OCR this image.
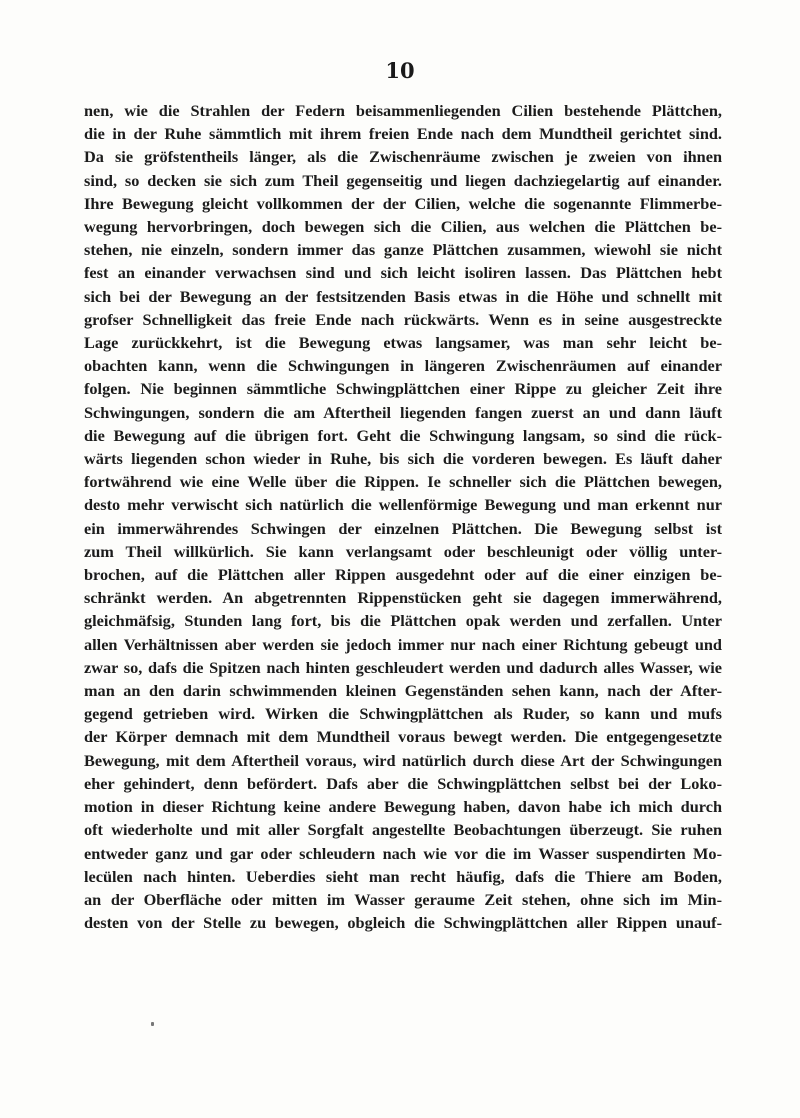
10
nen, wie die Strahlen der Federn beisammenliegenden Cilien bestehende Plättchen,
die in der Ruhe sämmtlich mit ihrem freien Ende nach dem Mundtheil gerichtet sind.
Da sie gröfstentheils länger, als die Zwischenräume zwischen je zweien von ihnen
sind, so decken sie sich zum Theil gegenseitig und liegen dachziegelartig auf einander.
Ihre Bewegung gleicht vollkommen der der Cilien, welche die sogenannte Flimmerbe-
wegung hervorbringen, doch bewegen sich die Cilien, aus welchen die Plättchen be-
stehen, nie einzeln, sondern immer das ganze Plättchen zusammen, wiewohl sie nicht
fest an einander verwachsen sind und sich leicht isoliren lassen. Das Plättchen hebt
sich bei der Bewegung an der festsitzenden Basis etwas in die Höhe und schnellt mit
grofser Schnelligkeit das freie Ende nach rückwärts. Wenn es in seine ausgestreckte
Lage zurückkehrt, ist die Bewegung etwas langsamer, was man sehr leicht be-
obachten kann, wenn die Schwingungen in längeren Zwischenräumen auf einander
folgen. Nie beginnen sämmtliche Schwingplättchen einer Rippe zu gleicher Zeit ihre
Schwingungen, sondern die am Aftertheil liegenden fangen zuerst an und dann läuft
die Bewegung auf die übrigen fort. Geht die Schwingung langsam, so sind die rück-
wärts liegenden schon wieder in Ruhe, bis sich die vorderen bewegen. Es läuft daher
fortwährend wie eine Welle über die Rippen. Ie schneller sich die Plättchen bewegen,
desto mehr verwischt sich natürlich die wellenförmige Bewegung und man erkennt nur
ein immerwährendes Schwingen der einzelnen Plättchen. Die Bewegung selbst ist
zum Theil willkürlich. Sie kann verlangsamt oder beschleunigt oder völlig unter-
brochen, auf die Plättchen aller Rippen ausgedehnt oder auf die einer einzigen be-
schränkt werden. An abgetrennten Rippenstücken geht sie dagegen immerwährend,
gleichmäfsig, Stunden lang fort, bis die Plättchen opak werden und zerfallen. Unter
allen Verhältnissen aber werden sie jedoch immer nur nach einer Richtung gebeugt und
zwar so, dafs die Spitzen nach hinten geschleudert werden und dadurch alles Wasser, wie
man an den darin schwimmenden kleinen Gegenständen sehen kann, nach der After-
gegend getrieben wird. Wirken die Schwingplättchen als Ruder, so kann und mufs
der Körper demnach mit dem Mundtheil voraus bewegt werden. Die entgegengesetzte
Bewegung, mit dem Aftertheil voraus, wird natürlich durch diese Art der Schwingungen
eher gehindert, denn befördert. Dafs aber die Schwingplättchen selbst bei der Loko-
motion in dieser Richtung keine andere Bewegung haben, davon habe ich mich durch
oft wiederholte und mit aller Sorgfalt angestellte Beobachtungen überzeugt. Sie ruhen
entweder ganz und gar oder schleudern nach wie vor die im Wasser suspendirten Mo-
lecülen nach hinten. Ueberdies sieht man recht häufig, dafs die Thiere am Boden,
an der Oberfläche oder mitten im Wasser geraume Zeit stehen, ohne sich im Min-
desten von der Stelle zu bewegen, obgleich die Schwingplättchen aller Rippen unauf-
